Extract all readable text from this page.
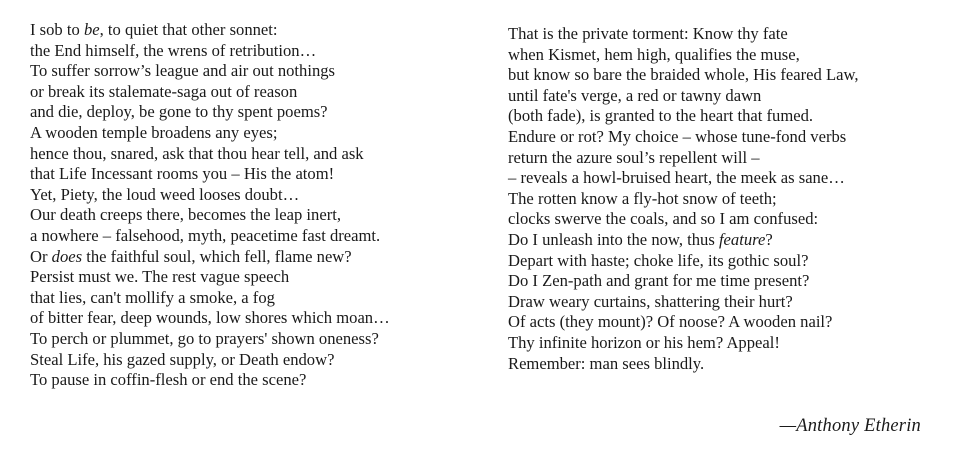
I sob to be, to quiet that other sonnet:
the End himself, the wrens of retribution…
To suffer sorrow’s league and air out nothings
or break its stalemate-saga out of reason
and die, deploy, be gone to thy spent poems?
A wooden temple broadens any eyes;
hence thou, snared, ask that thou hear tell, and ask
that Life Incessant rooms you – His the atom!
Yet, Piety, the loud weed looses doubt…
Our death creeps there, becomes the leap inert,
a nowhere – falsehood, myth, peacetime fast dreamt.
Or does the faithful soul, which fell, flame new?
Persist must we. The rest vague speech
that lies, can't mollify a smoke, a fog
of bitter fear, deep wounds, low shores which moan…
To perch or plummet, go to prayers' shown oneness?
Steal Life, his gazed supply, or Death endow?
To pause in coffin-flesh or end the scene?
That is the private torment: Know thy fate
when Kismet, hem high, qualifies the muse,
but know so bare the braided whole, His feared Law,
until fate's verge, a red or tawny dawn
(both fade), is granted to the heart that fumed.
Endure or rot? My choice – whose tune-fond verbs
return the azure soul’s repellent will –
– reveals a howl-bruised heart, the meek as sane…
The rotten know a fly-hot snow of teeth;
clocks swerve the coals, and so I am confused:
Do I unleash into the now, thus feature?
Depart with haste; choke life, its gothic soul?
Do I Zen-path and grant for me time present?
Draw weary curtains, shattering their hurt?
Of acts (they mount)? Of noose? A wooden nail?
Thy infinite horizon or his hem? Appeal!
Remember: man sees blindly.
—Anthony Etherin
